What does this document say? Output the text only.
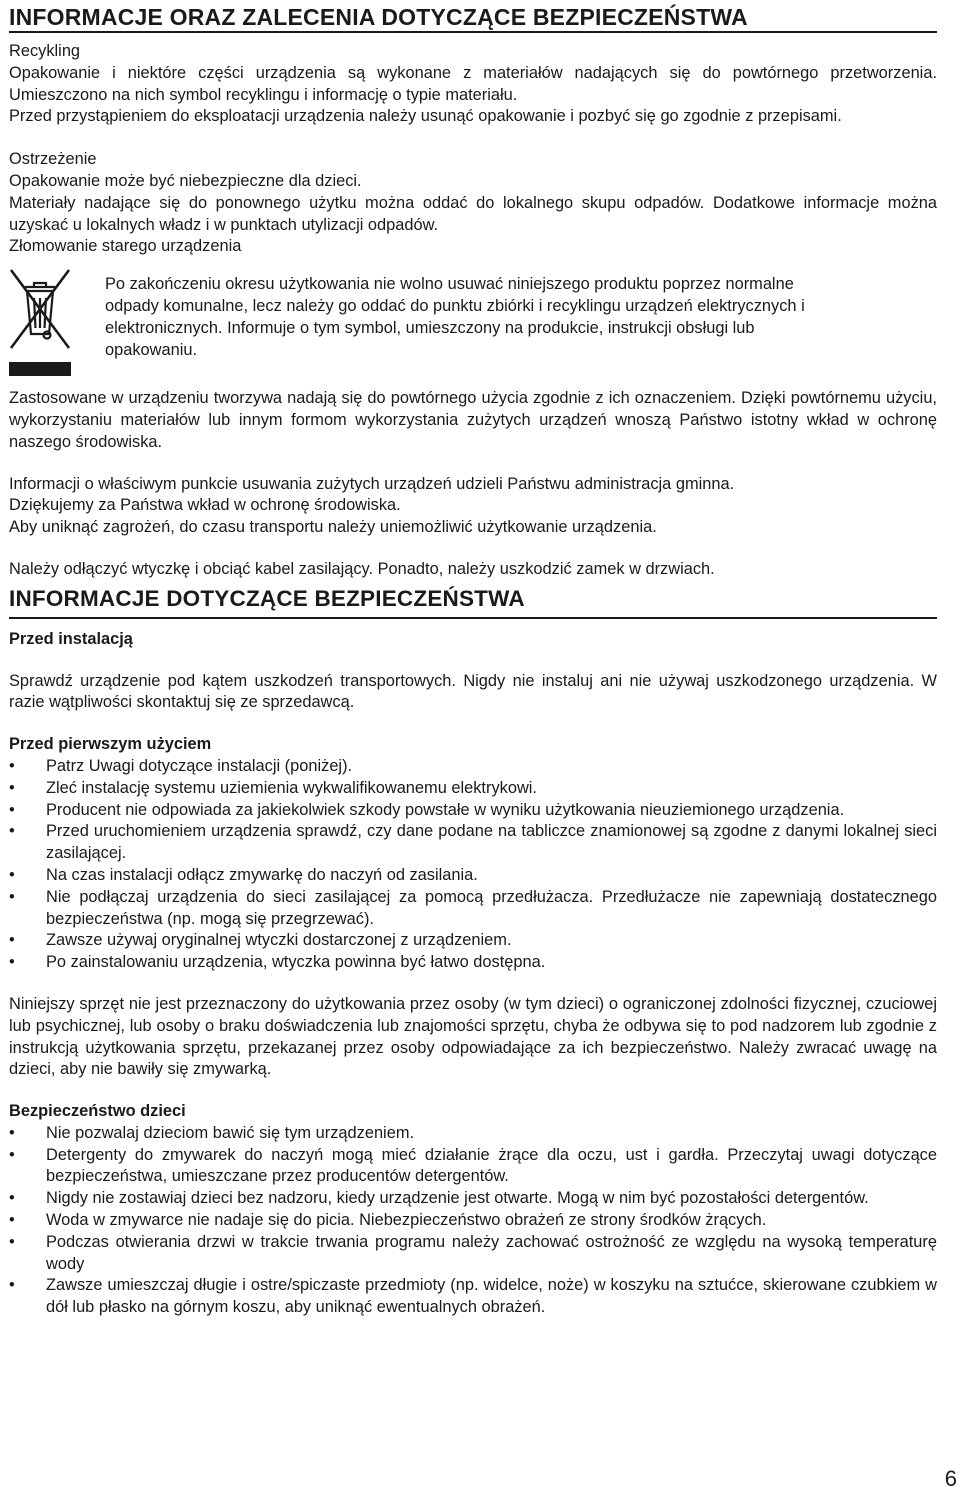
INFORMACJE ORAZ ZALECENIA DOTYCZĄCE BEZPIECZEŃSTWA

Recykling

Opakowanie i niektóre części urządzenia są wykonane z materiałów nadających się do powtórnego przetworzenia. Umieszczono na nich symbol recyklingu i informację o typie materiału.

Przed przystąpieniem do eksploatacji urządzenia należy usunąć opakowanie i pozbyć się go zgodnie z przepisami.

Ostrzeżenie

Opakowanie może być niebezpieczne dla dzieci.

Materiały nadające się do ponownego użytku można oddać do lokalnego skupu odpadów. Dodatkowe informacje można uzyskać u lokalnych władz i w punktach utylizacji odpadów.

Złomowanie starego urządzenia

Po zakończeniu okresu użytkowania nie wolno usuwać niniejszego produktu poprzez normalne odpady komunalne, lecz należy go oddać do punktu zbiórki i recyklingu urządzeń elektrycznych i elektronicznych. Informuje o tym symbol, umieszczony na produkcie, instrukcji obsługi lub opakowaniu.

Zastosowane w urządzeniu tworzywa nadają się do powtórnego użycia zgodnie z ich oznaczeniem. Dzięki powtórnemu użyciu, wykorzystaniu materiałów lub innym formom wykorzystania zużytych urządzeń wnoszą Państwo istotny wkład w ochronę naszego środowiska.

Informacji o właściwym punkcie usuwania zużytych urządzeń udzieli Państwu administracja gminna.

Dziękujemy za Państwa wkład w ochronę środowiska.

Aby uniknąć zagrożeń, do czasu transportu należy uniemożliwić użytkowanie urządzenia.

Należy odłączyć wtyczkę i obciąć kabel zasilający. Ponadto, należy uszkodzić zamek w drzwiach.

INFORMACJE DOTYCZĄCE BEZPIECZEŃSTWA

Przed instalacją

Sprawdź urządzenie pod kątem uszkodzeń transportowych. Nigdy nie instaluj ani nie używaj uszkodzonego urządzenia. W razie wątpliwości skontaktuj się ze sprzedawcą.

Przed pierwszym użyciem

• Patrz Uwagi dotyczące instalacji (poniżej).
• Zleć instalację systemu uziemienia wykwalifikowanemu elektrykowi.
• Producent nie odpowiada za jakiekolwiek szkody powstałe w wyniku użytkowania nieuziemionego urządzenia.
• Przed uruchomieniem urządzenia sprawdź, czy dane podane na tabliczce znamionowej są zgodne z danymi lokalnej sieci zasilającej.
• Na czas instalacji odłącz zmywarkę do naczyń od zasilania.
• Nie podłączaj urządzenia do sieci zasilającej za pomocą przedłużacza. Przedłużacze nie zapewniają dostatecznego bezpieczeństwa (np. mogą się przegrzewać).
• Zawsze używaj oryginalnej wtyczki dostarczonej z urządzeniem.
• Po zainstalowaniu urządzenia, wtyczka powinna być łatwo dostępna.

Niniejszy sprzęt nie jest przeznaczony do użytkowania przez osoby (w tym dzieci) o ograniczonej zdolności fizycznej, czuciowej lub psychicznej, lub osoby o braku doświadczenia lub znajomości sprzętu, chyba że odbywa się to pod nadzorem lub zgodnie z instrukcją użytkowania sprzętu, przekazanej przez osoby odpowiadające za ich bezpieczeństwo. Należy zwracać uwagę na dzieci, aby nie bawiły się zmywarką.

Bezpieczeństwo dzieci

• Nie pozwalaj dzieciom bawić się tym urządzeniem.
• Detergenty do zmywarek do naczyń mogą mieć działanie żrące dla oczu, ust i gardła. Przeczytaj uwagi dotyczące bezpieczeństwa, umieszczane przez producentów detergentów.
• Nigdy nie zostawiaj dzieci bez nadzoru, kiedy urządzenie jest otwarte. Mogą w nim być pozostałości detergentów.
• Woda w zmywarce nie nadaje się do picia. Niebezpieczeństwo obrażeń ze strony środków żrących.
• Podczas otwierania drzwi w trakcie trwania programu należy zachować ostrożność ze względu na wysoką temperaturę wody
• Zawsze umieszczaj długie i ostre/spiczaste przedmioty (np. widelce, noże) w koszyku na sztućce, skierowane czubkiem w dół lub płasko na górnym koszu, aby uniknąć ewentualnych obrażeń.
6
